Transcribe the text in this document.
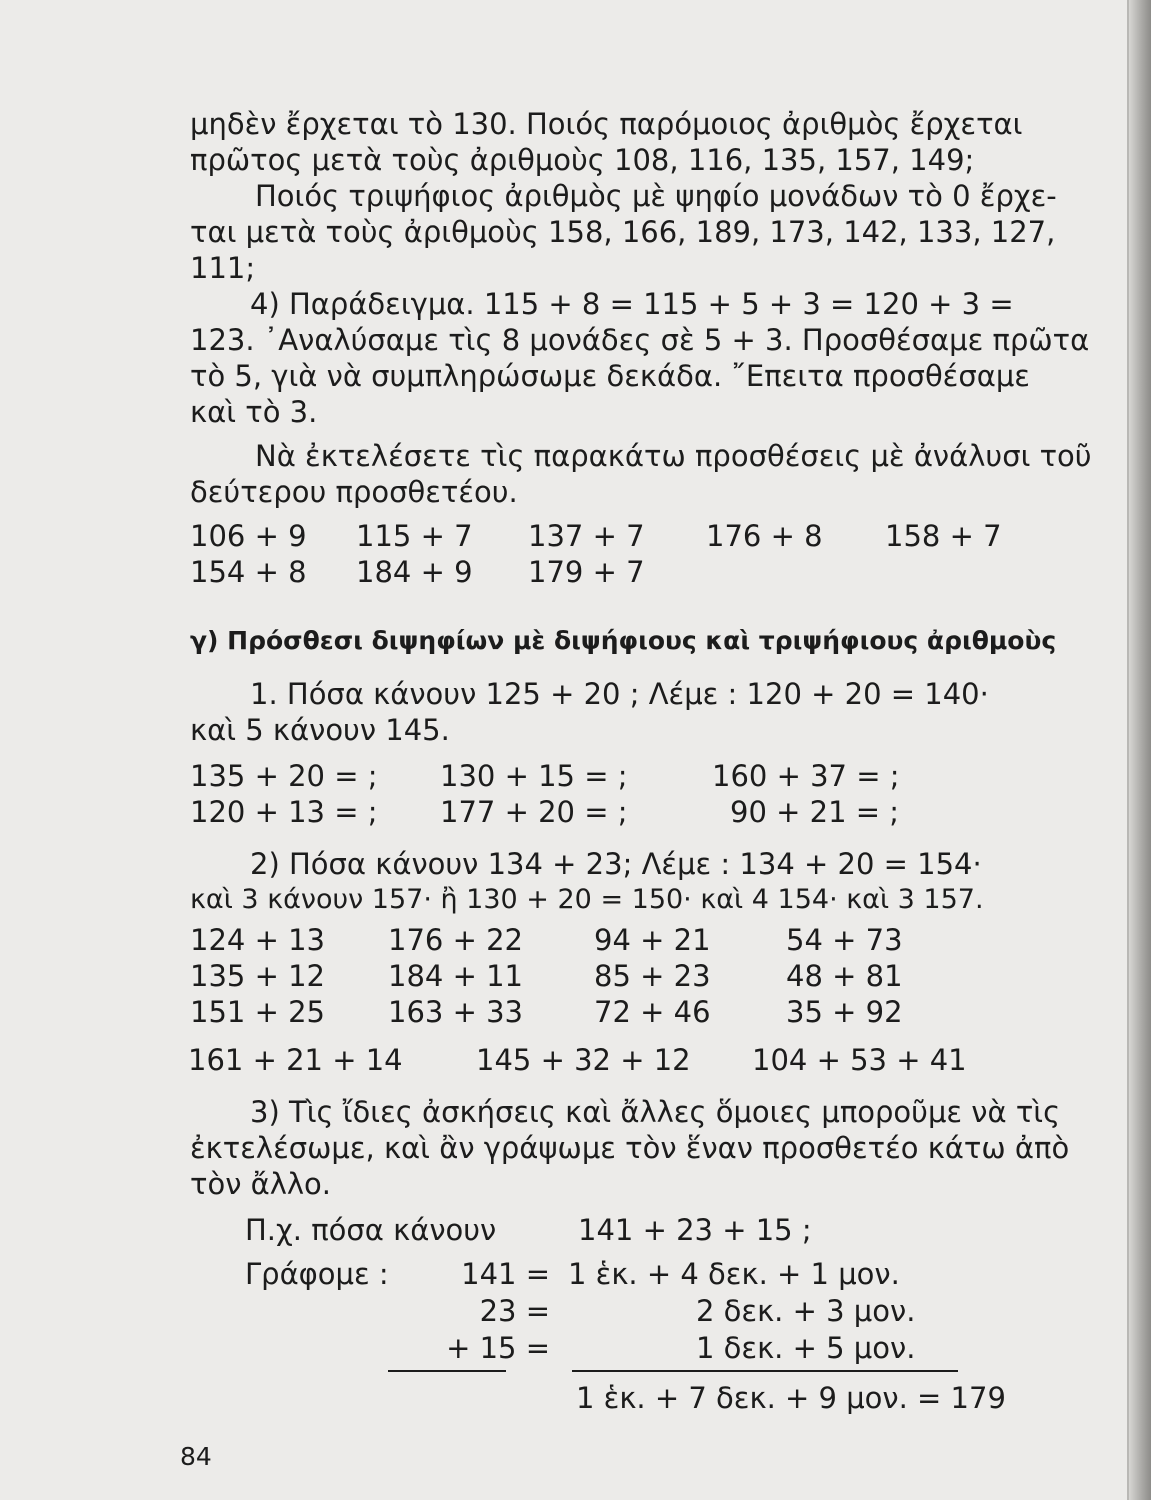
μηδὲν ἔρχεται τὸ 130. Ποιός παρόμοιος ἀριθμὸς ἔρχεται
πρῶτος μετὰ τοὺς ἀριθμοὺς 108, 116, 135, 157, 149;
Ποιός τριψήφιος ἀριθμὸς μὲ ψηφίο μονάδων τὸ 0 ἔρχε-
ται μετὰ τοὺς ἀριθμοὺς 158, 166, 189, 173, 142, 133, 127,
111;
4) Παράδειγμα. 115 + 8 = 115 + 5 + 3 = 120 + 3 =
123. ᾿Αναλύσαμε τὶς 8 μονάδες σὲ 5 + 3. Προσθέσαμε πρῶτα
τὸ 5, γιὰ νὰ συμπληρώσωμε δεκάδα. ῎Επειτα προσθέσαμε
καὶ τὸ 3.
Νὰ ἐκτελέσετε τὶς παρακάτω προσθέσεις μὲ ἀνάλυσι τοῦ
δεύτερου προσθετέου.
106 + 9 115 + 7 137 + 7 176 + 8 158 + 7
154 + 8 184 + 9 179 + 7
γ) Πρόσθεσι διψηφίων μὲ διψήφιους καὶ τριψήφιους ἀριθμοὺς
1. Πόσα κάνουν 125 + 20 ; Λέμε : 120 + 20 = 140·
καὶ 5 κάνουν 145.
135 + 20 = ; 130 + 15 = ;	160 + 37 = ;
120 + 13 = ; 177 + 20 = ;	90 + 21 = ;
2) Πόσα κάνουν 134 + 23; Λέμε : 134 + 20 = 154·
καὶ 3 κάνουν 157· ἢ 130 + 20 = 150· καὶ 4 154· καὶ 3 157.
124 + 13 176 + 22 94 + 21	54 + 73
135 + 12 184 + 11 85 + 23	48 + 81
151 + 25 163 + 33 72 + 46	35 + 92
161 + 21 + 14	145 + 32 + 12 104 + 53 + 41
3) Τὶς ἴδιες ἀσκήσεις καὶ ἄλλες ὅμοιες μποροῦμε νὰ τὶς
ἐκτελέσωμε, καὶ ἂν γράψωμε τὸν ἕναν προσθετέο κάτω ἀπὸ
τὸν ἄλλο.
Π.χ. πόσα κάνουν	141 + 23 + 15 ;
Γράφομε :	141 = 1 ἑκ. + 4 δεκ. + 1 μον.
23 =	2 δεκ. + 3 μον.
+ 15 =	1 δεκ. + 5 μον.
1 ἑκ. + 7 δεκ. + 9 μον. = 179
84
